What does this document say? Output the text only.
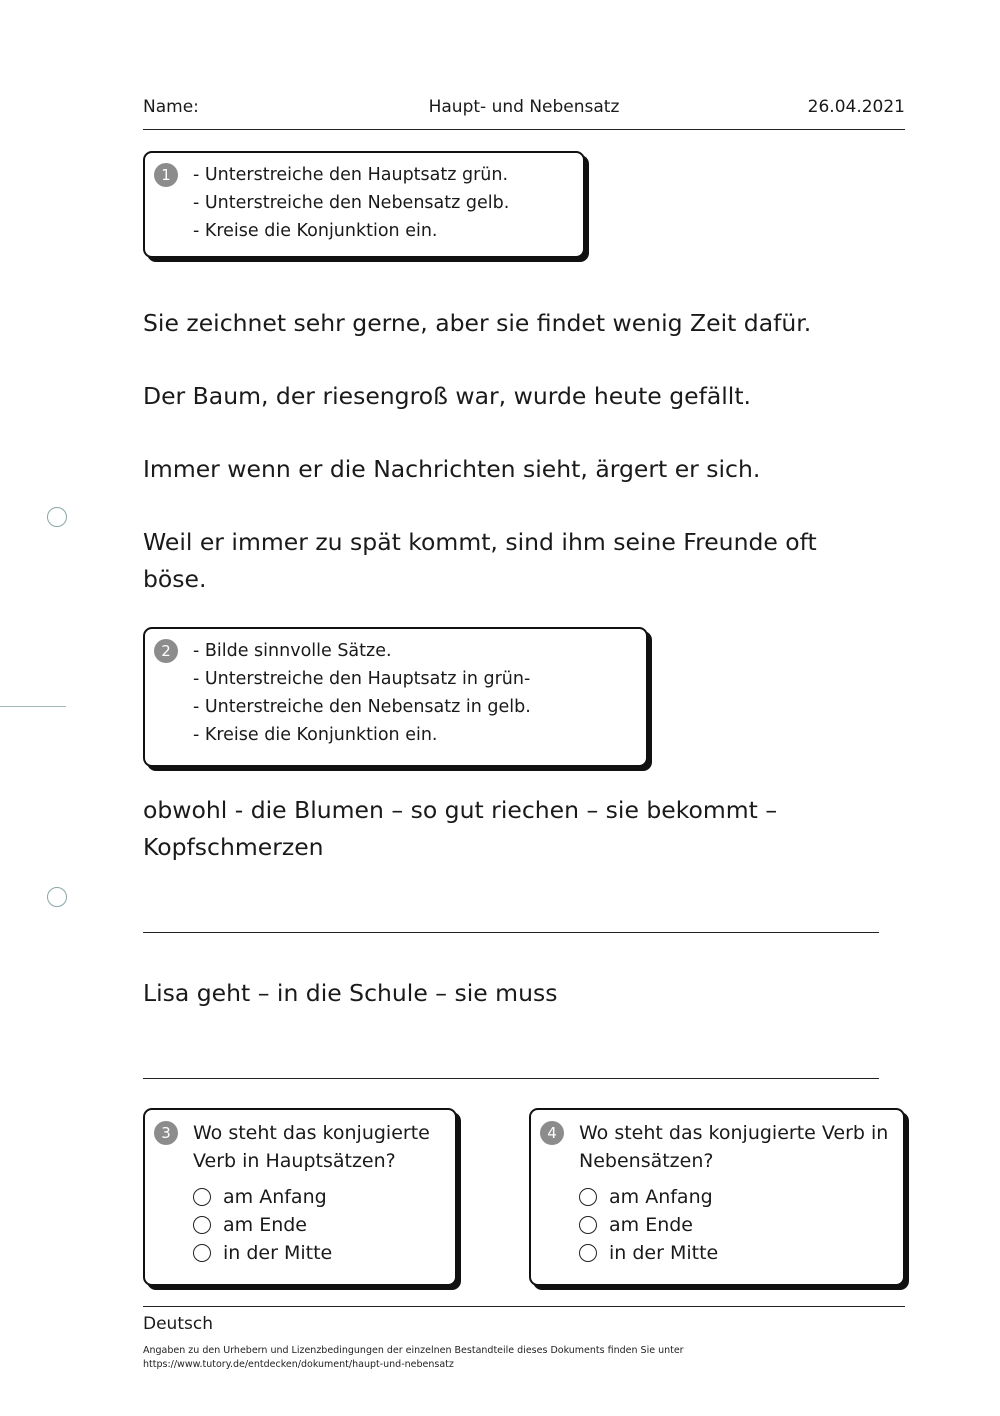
Name:	Haupt- und Nebensatz	26.04.2021
1	- Unterstreiche den Hauptsatz grün.
- Unterstreiche den Nebensatz gelb.
- Kreise die Konjunktion ein.
Sie zeichnet sehr gerne, aber sie findet wenig Zeit dafür.
Der Baum, der riesengroß war, wurde heute gefällt.
Immer wenn er die Nachrichten sieht, ärgert er sich.
Weil er immer zu spät kommt, sind ihm seine Freunde oft böse.
2	- Bilde sinnvolle Sätze.
- Unterstreiche den Hauptsatz in grün-
- Unterstreiche den Nebensatz in gelb.
- Kreise die Konjunktion ein.
obwohl - die Blumen – so gut riechen – sie bekommt – Kopfschmerzen
Lisa geht – in die Schule – sie muss
3	Wo steht das konjugierte Verb in Hauptsätzen?
am Anfang
am Ende
in der Mitte
4	Wo steht das konjugierte Verb in Nebensätzen?
am Anfang
am Ende
in der Mitte
Deutsch
Angaben zu den Urhebern und Lizenzbedingungen der einzelnen Bestandteile dieses Dokuments finden Sie unter
https://www.tutory.de/entdecken/dokument/haupt-und-nebensatz
